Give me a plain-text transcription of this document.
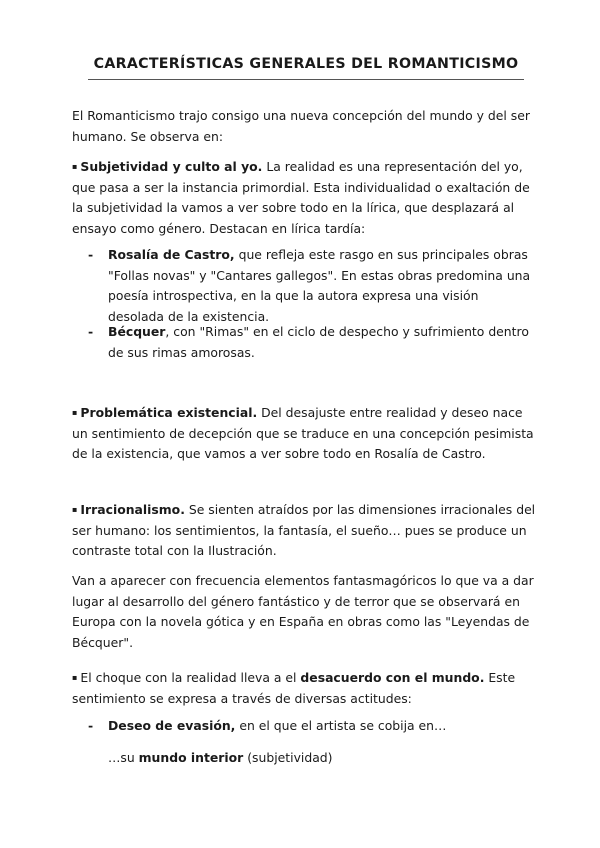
CARACTERÍSTICAS GENERALES DEL ROMANTICISMO

El Romanticismo trajo consigo una nueva concepción del mundo y del ser humano. Se observa en:

▪ Subjetividad y culto al yo. La realidad es una representación del yo, que pasa a ser la instancia primordial. Esta individualidad o exaltación de la subjetividad la vamos a ver sobre todo en la lírica, que desplazará al ensayo como género. Destacan en lírica tardía:

- Rosalía de Castro, que refleja este rasgo en sus principales obras "Follas novas" y "Cantares gallegos". En estas obras predomina una poesía introspectiva, en la que la autora expresa una visión desolada de la existencia.
- Bécquer, con "Rimas" en el ciclo de despecho y sufrimiento dentro de sus rimas amorosas.

▪ Problemática existencial. Del desajuste entre realidad y deseo nace un sentimiento de decepción que se traduce en una concepción pesimista de la existencia, que vamos a ver sobre todo en Rosalía de Castro.

▪ Irracionalismo. Se sienten atraídos por las dimensiones irracionales del ser humano: los sentimientos, la fantasía, el sueño… pues se produce un contraste total con la Ilustración.

Van a aparecer con frecuencia elementos fantasmagóricos lo que va a dar lugar al desarrollo del género fantástico y de terror que se observará en Europa con la novela gótica y en España en obras como las "Leyendas de Bécquer".

▪ El choque con la realidad lleva a el desacuerdo con el mundo. Este sentimiento se expresa a través de diversas actitudes:

- Deseo de evasión, en el que el artista se cobija en…

…su mundo interior (subjetividad)
